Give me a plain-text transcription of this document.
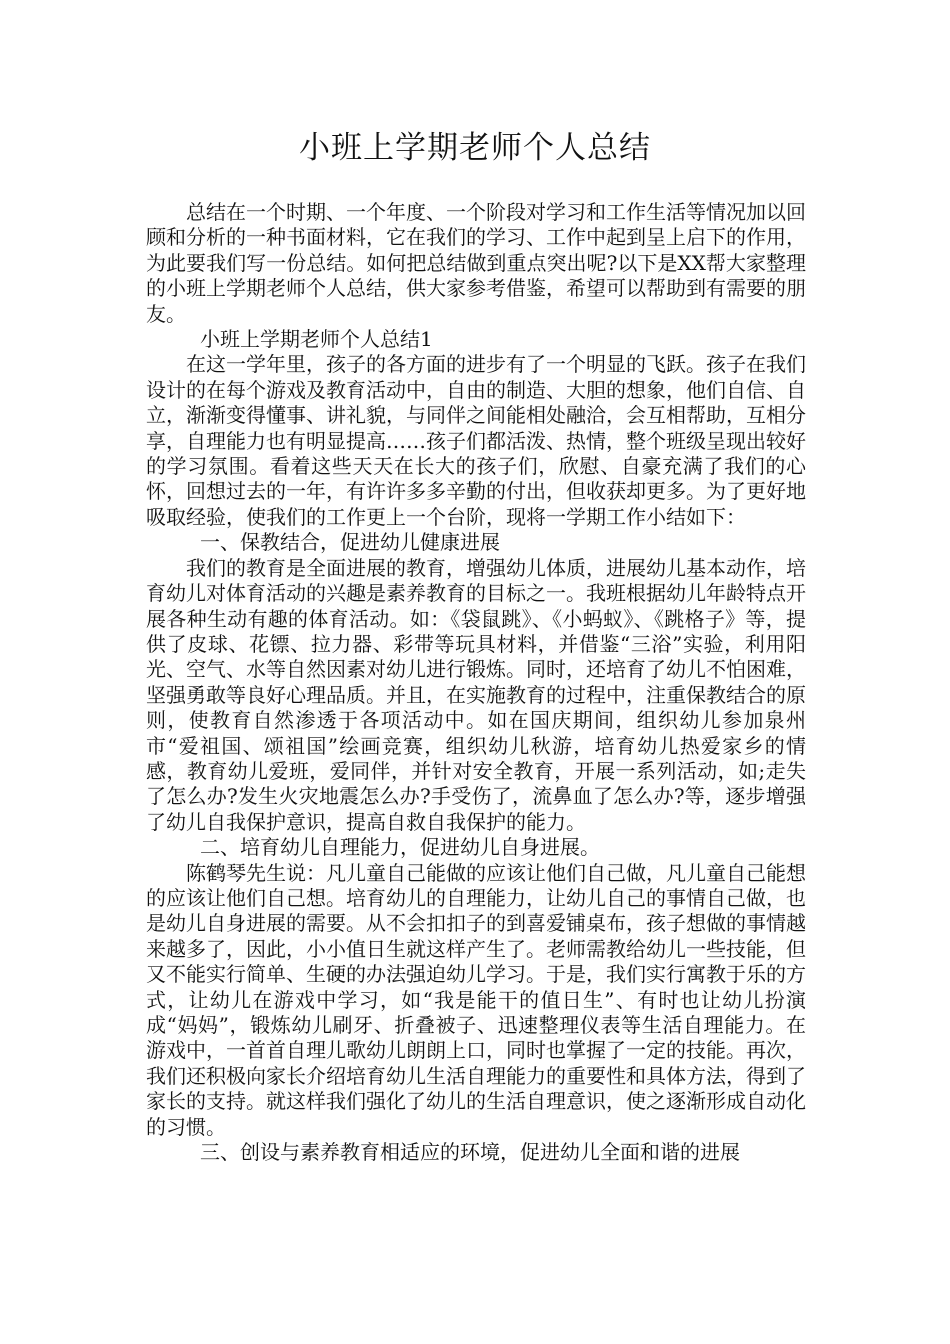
小班上学期老师个人总结

总结在一个时期、一个年度、一个阶段对学习和工作生活等情况加以回顾和分析的一种书面材料，它在我们的学习、工作中起到呈上启下的作用，为此要我们写一份总结。如何把总结做到重点突出呢?以下是XX帮大家整理的小班上学期老师个人总结，供大家参考借鉴，希望可以帮助到有需要的朋友。

小班上学期老师个人总结1

在这一学年里，孩子的各方面的进步有了一个明显的飞跃。孩子在我们设计的在每个游戏及教育活动中，自由的制造、大胆的想象，他们自信、自立，渐渐变得懂事、讲礼貌，与同伴之间能相处融洽，会互相帮助，互相分享，自理能力也有明显提高……孩子们都活泼、热情，整个班级呈现出较好的学习氛围。看着这些天天在长大的孩子们，欣慰、自豪充满了我们的心怀，回想过去的一年，有许许多多辛勤的付出，但收获却更多。为了更好地吸取经验，使我们的工作更上一个台阶，现将一学期工作小结如下：

一、保教结合，促进幼儿健康进展

我们的教育是全面进展的教育，增强幼儿体质，进展幼儿基本动作，培育幼儿对体育活动的兴趣是素养教育的目标之一。我班根据幼儿年龄特点开展各种生动有趣的体育活动。如：《袋鼠跳》、《小蚂蚁》、《跳格子》等，提供了皮球、花镖、拉力器、彩带等玩具材料，并借鉴“三浴”实验，利用阳光、空气、水等自然因素对幼儿进行锻炼。同时，还培育了幼儿不怕困难，坚强勇敢等良好心理品质。并且，在实施教育的过程中，注重保教结合的原则，使教育自然渗透于各项活动中。如在国庆期间，组织幼儿参加泉州市“爱祖国、颂祖国”绘画竞赛，组织幼儿秋游，培育幼儿热爱家乡的情感，教育幼儿爱班，爱同伴，并针对安全教育，开展一系列活动，如;走失了怎么办?发生火灾地震怎么办?手受伤了，流鼻血了怎么办?等，逐步增强了幼儿自我保护意识，提高自救自我保护的能力。

二、培育幼儿自理能力，促进幼儿自身进展。

陈鹤琴先生说：凡儿童自己能做的应该让他们自己做，凡儿童自己能想的应该让他们自己想。培育幼儿的自理能力，让幼儿自己的事情自己做，也是幼儿自身进展的需要。从不会扣扣子的到喜爱铺桌布，孩子想做的事情越来越多了，因此，小小值日生就这样产生了。老师需教给幼儿一些技能，但又不能实行简单、生硬的办法强迫幼儿学习。于是，我们实行寓教于乐的方式，让幼儿在游戏中学习，如“我是能干的值日生”、有时也让幼儿扮演成“妈妈”，锻炼幼儿刷牙、折叠被子、迅速整理仪表等生活自理能力。在游戏中，一首首自理儿歌幼儿朗朗上口，同时也掌握了一定的技能。再次，我们还积极向家长介绍培育幼儿生活自理能力的重要性和具体方法，得到了家长的支持。就这样我们强化了幼儿的生活自理意识，使之逐渐形成自动化的习惯。

三、创设与素养教育相适应的环境，促进幼儿全面和谐的进展
